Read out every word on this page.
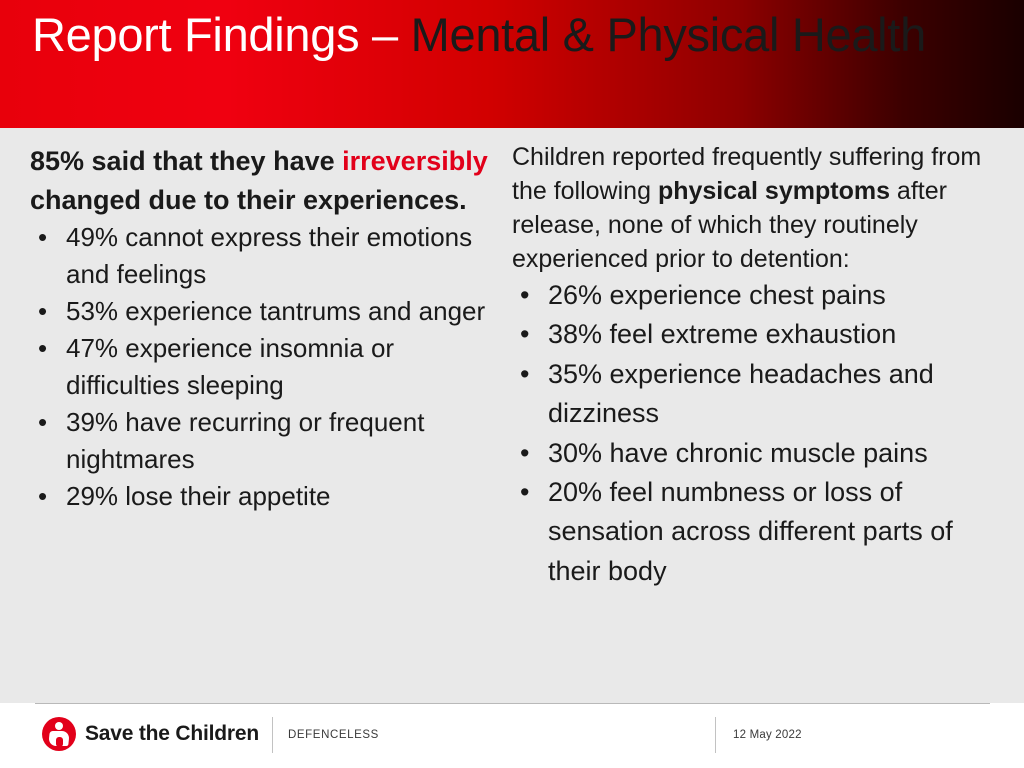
Report Findings – Mental & Physical Health

85% said that they have irreversibly changed due to their experiences.

• 49% cannot express their emotions and feelings
• 53% experience tantrums and anger
• 47% experience insomnia or difficulties sleeping
• 39% have recurring or frequent nightmares
• 29% lose their appetite

Children reported frequently suffering from the following physical symptoms after release, none of which they routinely experienced prior to detention:

• 26% experience chest pains
• 38% feel extreme exhaustion
• 35% experience headaches and dizziness
• 30% have chronic muscle pains
• 20% feel numbness or loss of sensation across different parts of their body
Save the Children	DEFENCELESS	12 May 2022
